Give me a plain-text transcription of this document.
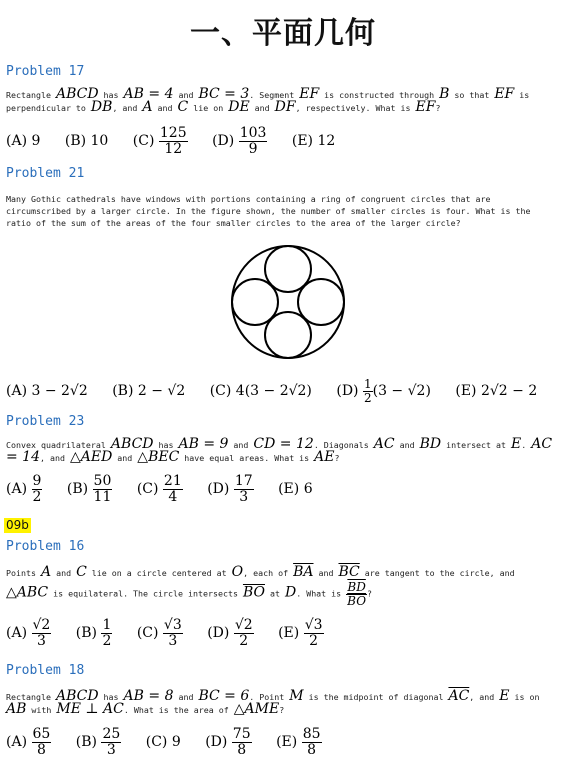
一、平面几何
Problem 17
Rectangle ABCD has AB = 4 and BC = 3. Segment EF is constructed through B so that EF is perpendicular to DB, and A and C lie on DE and DF, respectively. What is EF?
(A) 9 (B) 10 $(C) \frac{125}{12} (D) \frac{103}{9} (E)$ 12
Problem 21
Many Gothic cathedrals have windows with portions containing a ring of congruent circles that are circumscribed by a larger circle. In the figure shown, the number of smaller circles is four. What is the ratio of the sum of the areas of the four smaller circles to the area of the larger circle?
(A) 3 − 2√2 (B) 2 − √2 (C) 4(3 − 2√2) $(D) \frac{1}{2} (3 - √2)$ (E) 2√2 − 2
Problem 23
Convex quadrilateral ABCD has AB = 9 and CD = 12. Diagonals AC and BD intersect at E. AC = 14, and △AED and △BEC have equal areas. What is AE?
$(A) \frac{9}{2} (B) \frac{50}{11} (C) \frac{21}{4} (D) \frac{17}{3} (E)$ 6
09b
Problem 16
Points A and C lie on a circle centered at O, each of $\overline{BA}$ and $\overline{BC}$ are tangent to the circle, and △ABC is equilateral. The circle intersects $\overline{BO}$ at D. What is $\frac{\overline{BD}}{BO}$ ?
$(A) \frac{√2}{3} (B) \frac{1}{2} (C) \frac{√3}{3} (D) \frac{√2}{2} (E) \frac{√3}{2}$
Problem 18
Rectangle ABCD has AB = 8 and BC = 6. Point M is the midpoint of diagonal $\overline{AC}$, and E is on AB with ME ⊥ AC. What is the area of △AME?
$(A) \frac{65}{8} (B) \frac{25}{3} (C)$ 9 $(D) \frac{75}{8} (E) \frac{85}{8}$
